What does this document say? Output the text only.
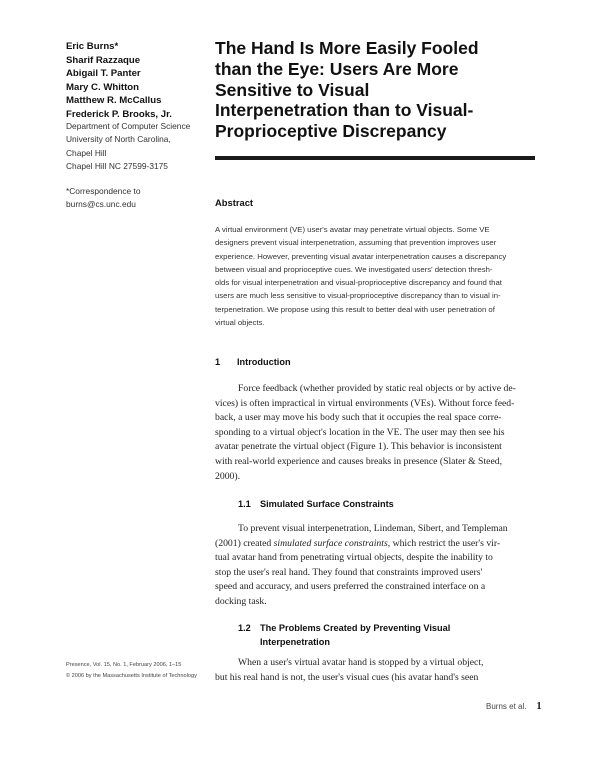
Eric Burns*
Sharif Razzaque
Abigail T. Panter
Mary C. Whitton
Matthew R. McCallus
Frederick P. Brooks, Jr.
Department of Computer Science
University of North Carolina,
Chapel Hill
Chapel Hill NC 27599-3175
*Correspondence to
burns@cs.unc.edu
Presence, Vol. 15, No. 1, February 2006, 1–15
© 2006 by the Massachusetts Institute of Technology
The Hand Is More Easily Fooled
than the Eye: Users Are More
Sensitive to Visual
Interpenetration than to Visual-
Proprioceptive Discrepancy
Abstract
A virtual environment (VE) user's avatar may penetrate virtual objects. Some VE
designers prevent visual interpenetration, assuming that prevention improves user
experience. However, preventing visual avatar interpenetration causes a discrepancy
between visual and proprioceptive cues. We investigated users' detection thresh-
olds for visual interpenetration and visual-proprioceptive discrepancy and found that
users are much less sensitive to visual-proprioceptive discrepancy than to visual in-
terpenetration. We propose using this result to better deal with user penetration of
virtual objects.
1 Introduction
Force feedback (whether provided by static real objects or by active de-
vices) is often impractical in virtual environments (VEs). Without force feed-
back, a user may move his body such that it occupies the real space corre-
sponding to a virtual object's location in the VE. The user may then see his
avatar penetrate the virtual object (Figure 1). This behavior is inconsistent
with real-world experience and causes breaks in presence (Slater & Steed,
2000).
1.1 Simulated Surface Constraints
To prevent visual interpenetration, Lindeman, Sibert, and Templeman
(2001) created simulated surface constraints, which restrict the user's vir-
tual avatar hand from penetrating virtual objects, despite the inability to
stop the user's real hand. They found that constraints improved users'
speed and accuracy, and users preferred the constrained interface on a
docking task.
1.2 The Problems Created by Preventing Visual
Interpenetration
When a user's virtual avatar hand is stopped by a virtual object,
but his real hand is not, the user's visual cues (his avatar hand's seen
Burns et al. 1
